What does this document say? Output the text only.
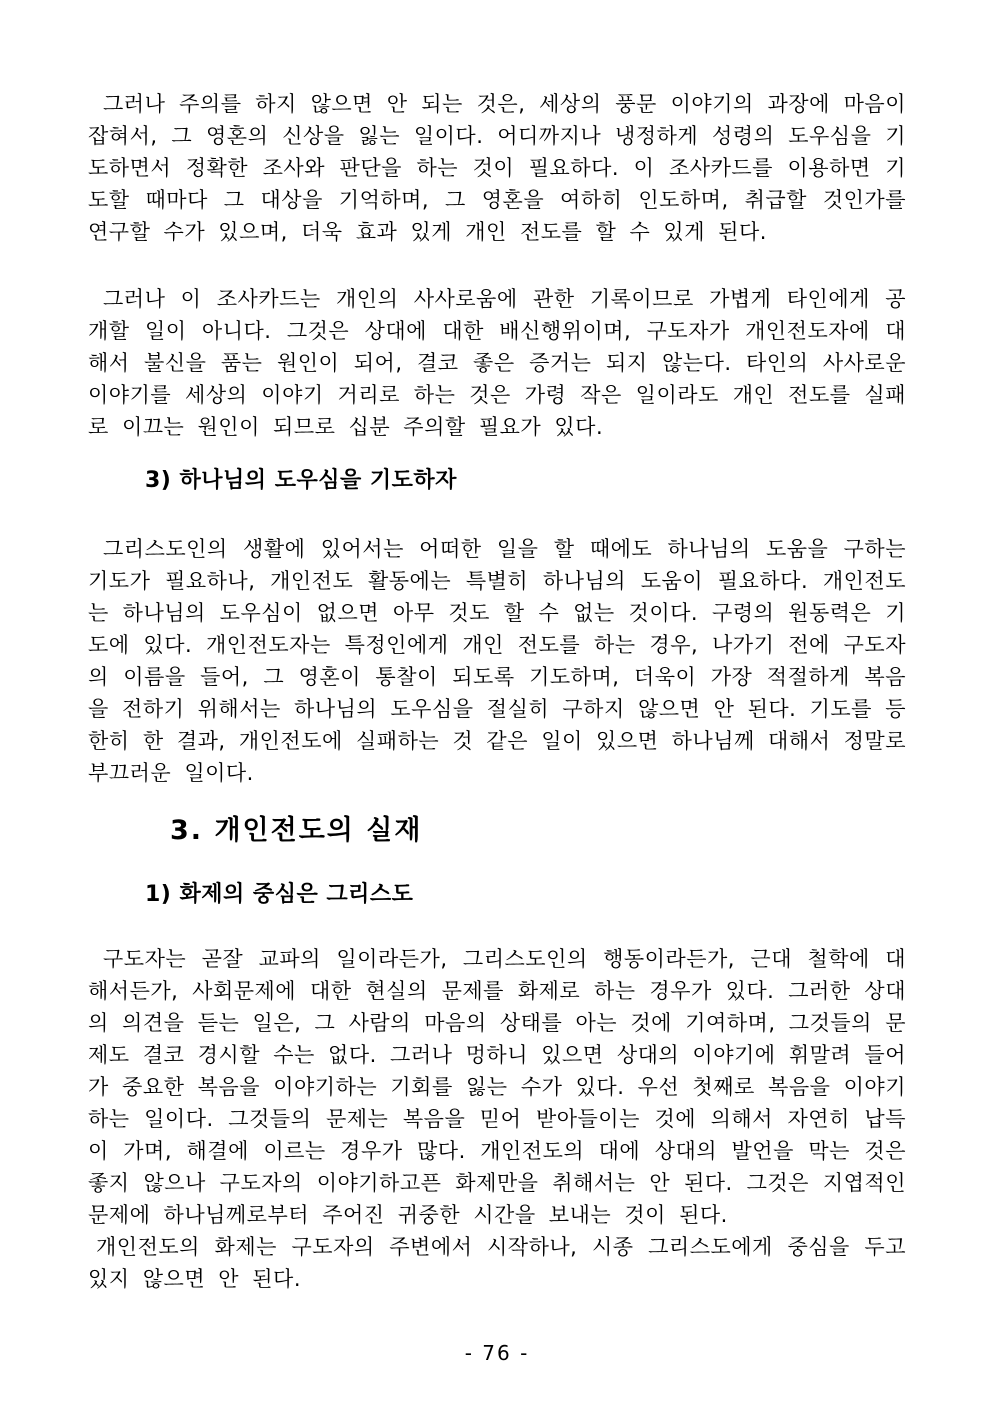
그러나 주의를 하지 않으면 안 되는 것은, 세상의 풍문 이야기의 과장에 마음이 잡혀서, 그 영혼의 신상을 잃는 일이다. 어디까지나 냉정하게 성령의 도우심을 기도하면서 정확한 조사와 판단을 하는 것이 필요하다. 이 조사카드를 이용하면 기도할 때마다 그 대상을 기억하며, 그 영혼을 여하히 인도하며, 취급할 것인가를 연구할 수가 있으며, 더욱 효과 있게 개인 전도를 할 수 있게 된다.

그러나 이 조사카드는 개인의 사사로움에 관한 기록이므로 가볍게 타인에게 공개할 일이 아니다. 그것은 상대에 대한 배신행위이며, 구도자가 개인전도자에 대해서 불신을 품는 원인이 되어, 결코 좋은 증거는 되지 않는다. 타인의 사사로운 이야기를 세상의 이야기 거리로 하는 것은 가령 작은 일이라도 개인 전도를 실패로 이끄는 원인이 되므로 십분 주의할 필요가 있다.

3) 하나님의 도우심을 기도하자

그리스도인의 생활에 있어서는 어떠한 일을 할 때에도 하나님의 도움을 구하는 기도가 필요하나, 개인전도 활동에는 특별히 하나님의 도움이 필요하다. 개인전도는 하나님의 도우심이 없으면 아무 것도 할 수 없는 것이다. 구령의 원동력은 기도에 있다. 개인전도자는 특정인에게 개인 전도를 하는 경우, 나가기 전에 구도자의 이름을 들어, 그 영혼이 통찰이 되도록 기도하며, 더욱이 가장 적절하게 복음을 전하기 위해서는 하나님의 도우심을 절실히 구하지 않으면 안 된다. 기도를 등한히 한 결과, 개인전도에 실패하는 것 같은 일이 있으면 하나님께 대해서 정말로 부끄러운 일이다.

3. 개인전도의 실재
1) 화제의 중심은 그리스도

구도자는 곧잘 교파의 일이라든가, 그리스도인의 행동이라든가, 근대 철학에 대해서든가, 사회문제에 대한 현실의 문제를 화제로 하는 경우가 있다. 그러한 상대의 의견을 듣는 일은, 그 사람의 마음의 상태를 아는 것에 기여하며, 그것들의 문제도 결코 경시할 수는 없다. 그러나 멍하니 있으면 상대의 이야기에 휘말려 들어가 중요한 복음을 이야기하는 기회를 잃는 수가 있다. 우선 첫째로 복음을 이야기하는 일이다. 그것들의 문제는 복음을 믿어 받아들이는 것에 의해서 자연히 납득이 가며, 해결에 이르는 경우가 많다. 개인전도의 대에 상대의 발언을 막는 것은 좋지 않으나 구도자의 이야기하고픈 화제만을 취해서는 안 된다. 그것은 지엽적인 문제에 하나님께로부터 주어진 귀중한 시간을 보내는 것이 된다.

개인전도의 화제는 구도자의 주변에서 시작하나, 시종 그리스도에게 중심을 두고 있지 않으면 안 된다.

- 76 -
